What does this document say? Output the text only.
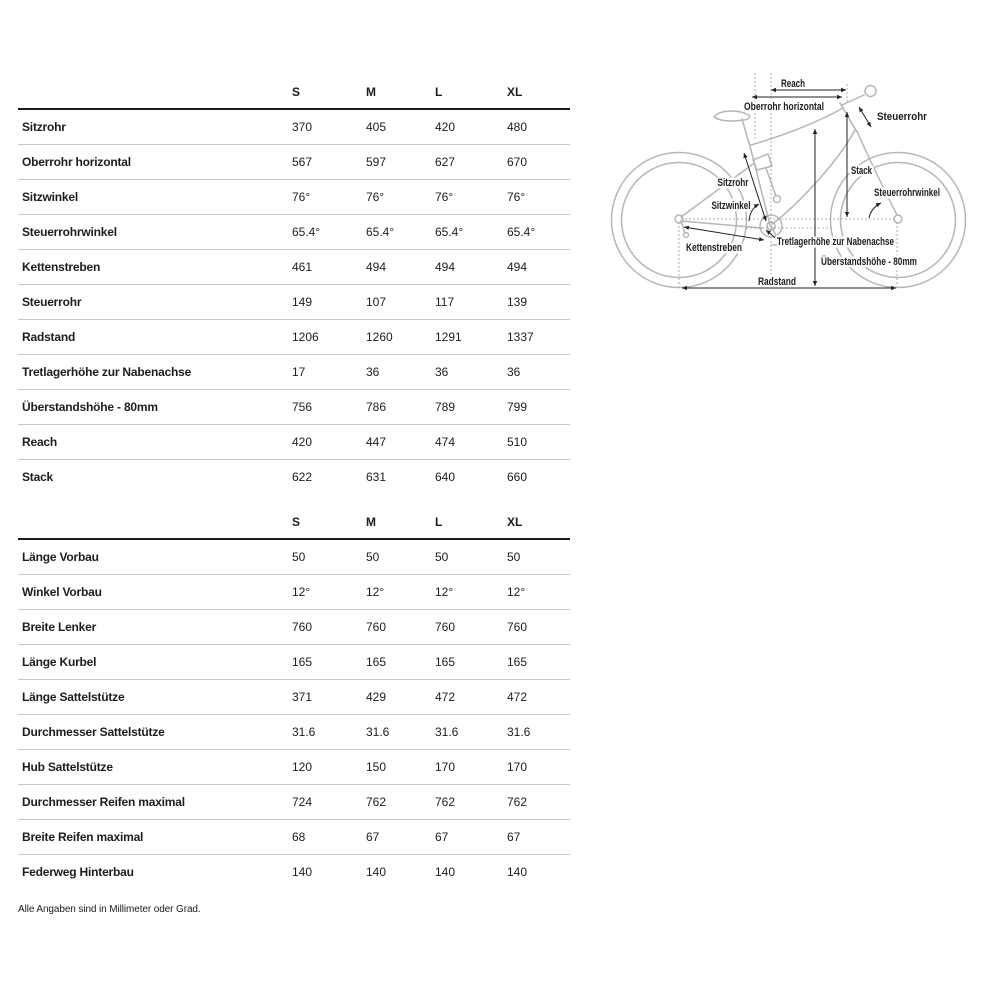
	S	M	L	XL
Sitzrohr	370	405	420	480
Oberrohr horizontal	567	597	627	670
Sitzwinkel	76°	76°	76°	76°
Steuerrohrwinkel	65.4°	65.4°	65.4°	65.4°
Kettenstreben	461	494	494	494
Steuerrohr	149	107	117	139
Radstand	1206	1260	1291	1337
Tretlagerhöhe zur Nabenachse	17	36	36	36
Überstandshöhe - 80mm	756	786	789	799
Reach	420	447	474	510
Stack	622	631	640	660
	S	M	L	XL
Länge Vorbau	50	50	50	50
Winkel Vorbau	12°	12°	12°	12°
Breite Lenker	760	760	760	760
Länge Kurbel	165	165	165	165
Länge Sattelstütze	371	429	472	472
Durchmesser Sattelstütze	31.6	31.6	31.6	31.6
Hub Sattelstütze	120	150	170	170
Durchmesser Reifen maximal	724	762	762	762
Breite Reifen maximal	68	67	67	67
Federweg Hinterbau	140	140	140	140
Alle Angaben sind in Millimeter oder Grad.
Reach
Oberrohr horizontal
Steuerrohr
Stack
Steuerrohrwinkel
Sitzrohr
Sitzwinkel
Kettenstreben	Tretlagerhöhe zur Nabenachse
Überstandshöhe - 80mm
Radstand
